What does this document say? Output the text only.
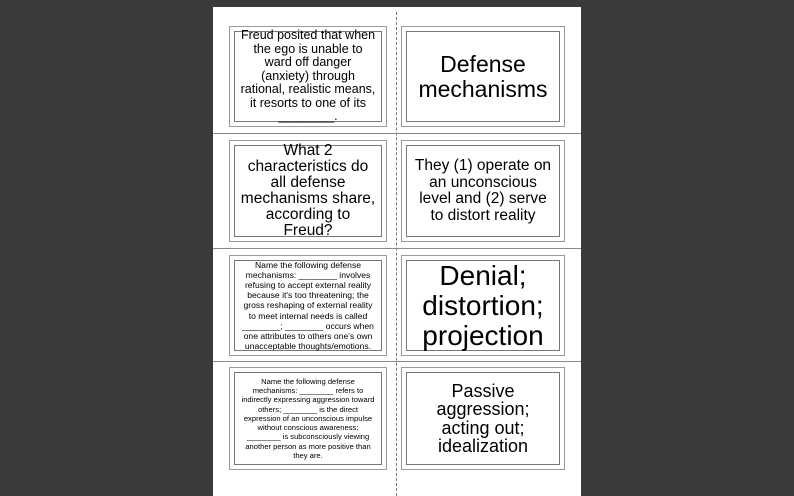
Freud posited that when the ego is unable to ward off danger (anxiety) through rational, realistic means, it resorts to one of its ________.
Defense mechanisms
What 2 characteristics do all defense mechanisms share, according to Freud?
They (1) operate on an unconscious level and (2) serve to distort reality
Name the following defense mechanisms: ________ involves refusing to accept external reality because it's too threatening; the gross reshaping of external reality to meet internal needs is called ________; ________ occurs when one attributes to others one's own unacceptable thoughts/emotions.
Denial; distortion; projection
Name the following defense mechanisms: ________ refers to indirectly expressing aggression toward others; ________ is the direct expression of an unconscious impulse without conscious awareness; ________ is subconsciously viewing another person as more positive than they are.
Passive aggression; acting out; idealization
